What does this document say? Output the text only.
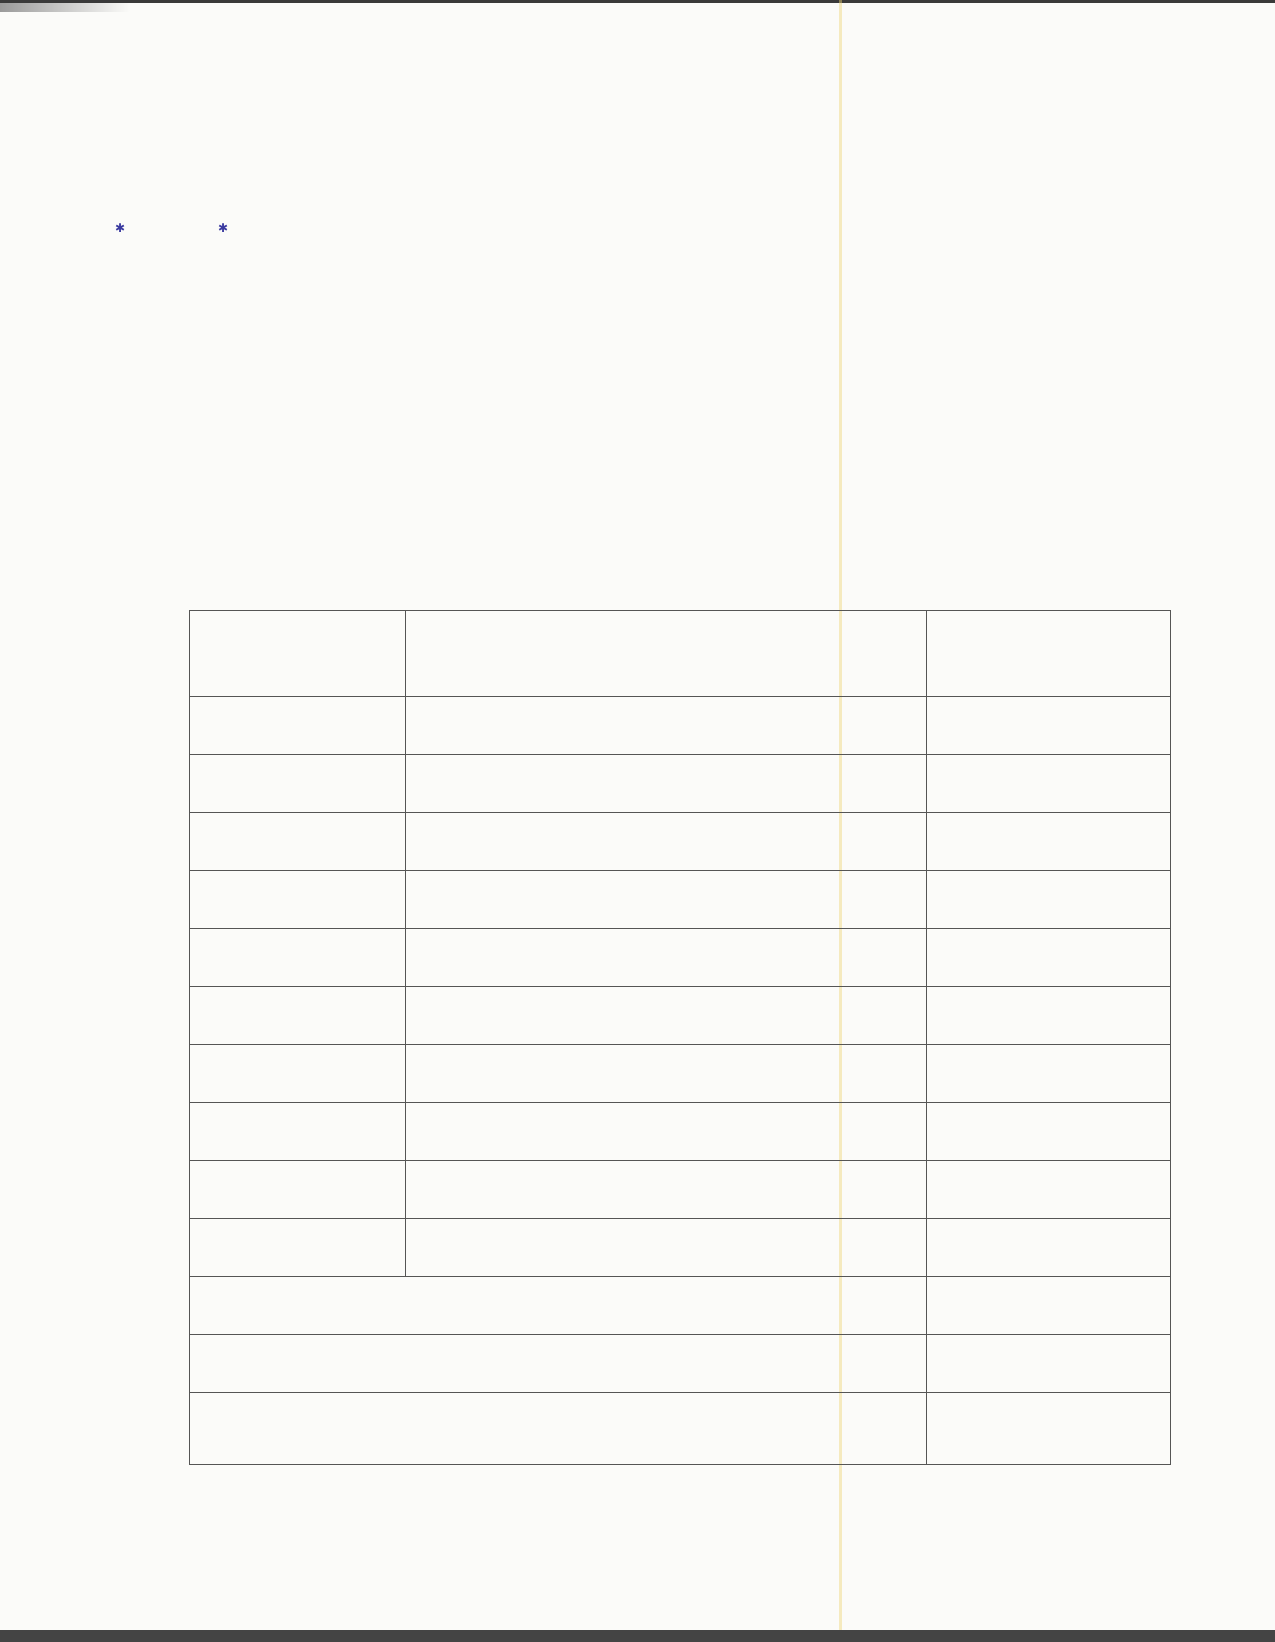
✱	✱
